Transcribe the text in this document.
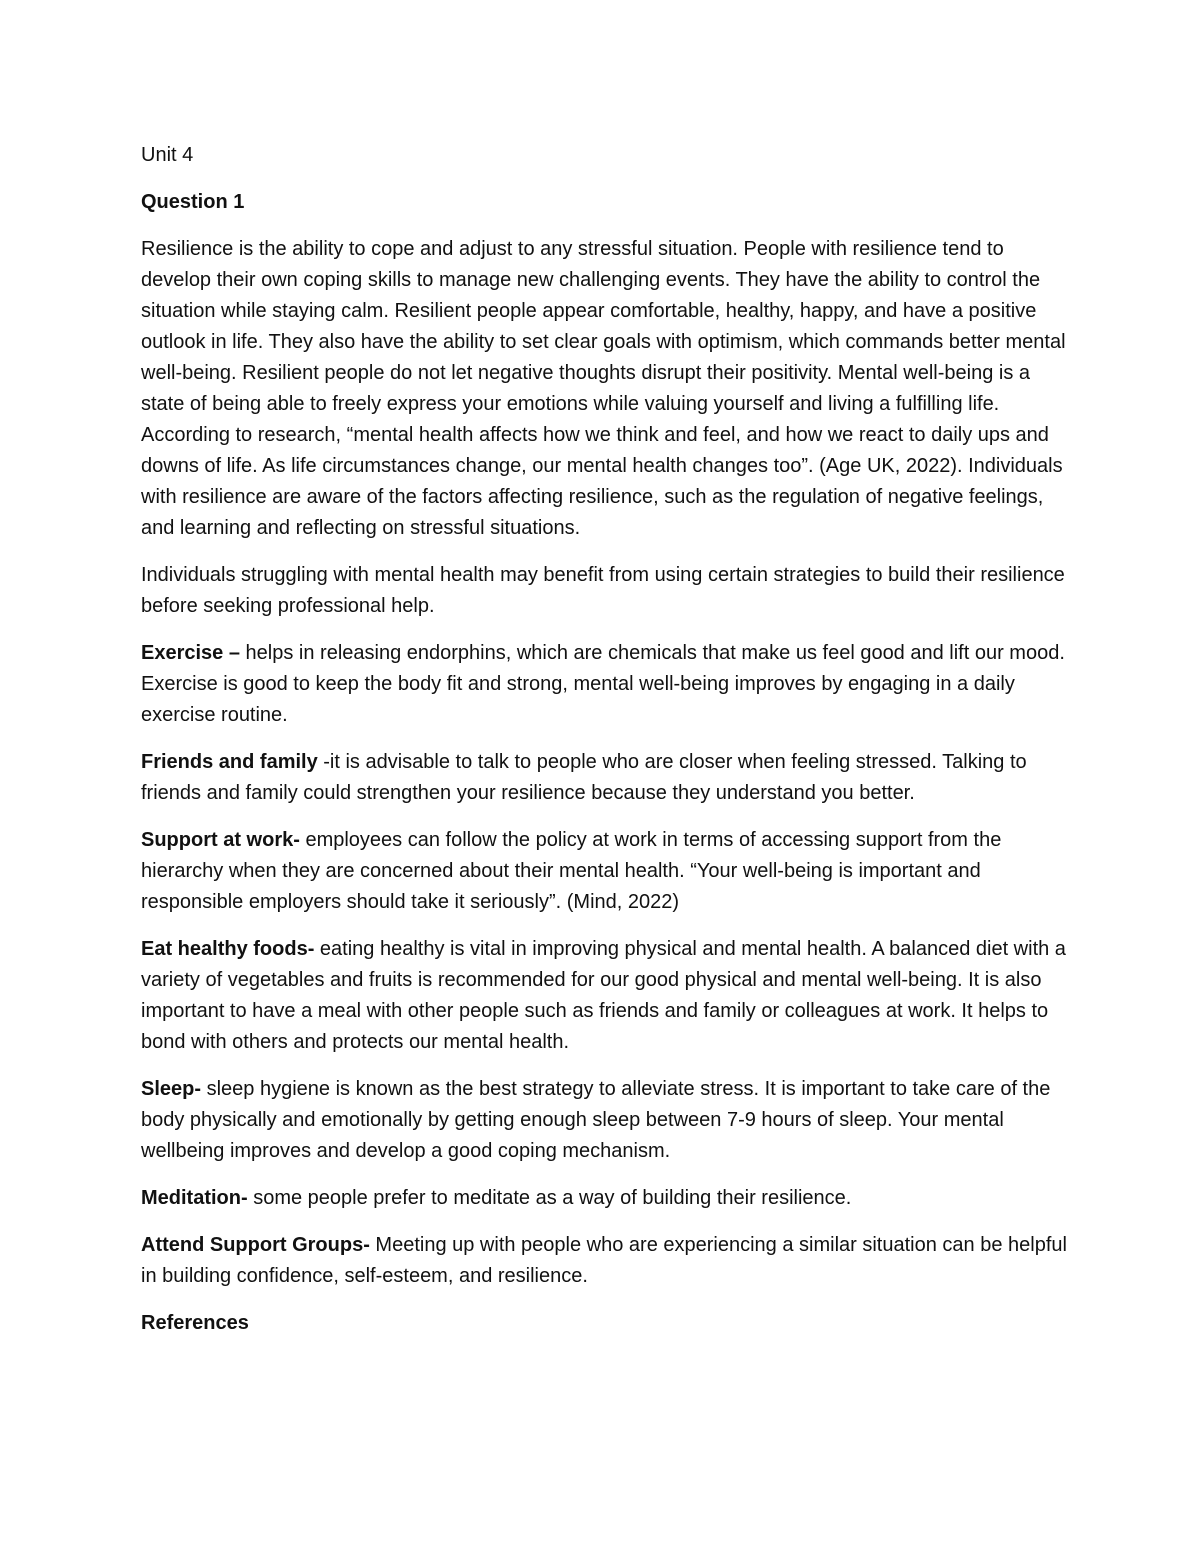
Unit 4

Question 1

Resilience is the ability to cope and adjust to any stressful situation. People with resilience tend to develop their own coping skills to manage new challenging events. They have the ability to control the situation while staying calm. Resilient people appear comfortable, healthy, happy, and have a positive outlook in life. They also have the ability to set clear goals with optimism, which commands better mental well-being. Resilient people do not let negative thoughts disrupt their positivity. Mental well-being is a state of being able to freely express your emotions while valuing yourself and living a fulfilling life. According to research, “mental health affects how we think and feel, and how we react to daily ups and downs of life. As life circumstances change, our mental health changes too”. (Age UK, 2022). Individuals with resilience are aware of the factors affecting resilience, such as the regulation of negative feelings, and learning and reflecting on stressful situations.

Individuals struggling with mental health may benefit from using certain strategies to build their resilience before seeking professional help.

Exercise – helps in releasing endorphins, which are chemicals that make us feel good and lift our mood. Exercise is good to keep the body fit and strong, mental well-being improves by engaging in a daily exercise routine.

Friends and family -it is advisable to talk to people who are closer when feeling stressed. Talking to friends and family could strengthen your resilience because they understand you better.

Support at work- employees can follow the policy at work in terms of accessing support from the hierarchy when they are concerned about their mental health. “Your well-being is important and responsible employers should take it seriously”. (Mind, 2022)

Eat healthy foods- eating healthy is vital in improving physical and mental health. A balanced diet with a variety of vegetables and fruits is recommended for our good physical and mental well-being. It is also important to have a meal with other people such as friends and family or colleagues at work. It helps to bond with others and protects our mental health.

Sleep- sleep hygiene is known as the best strategy to alleviate stress. It is important to take care of the body physically and emotionally by getting enough sleep between 7-9 hours of sleep. Your mental wellbeing improves and develop a good coping mechanism.

Meditation- some people prefer to meditate as a way of building their resilience.

Attend Support Groups- Meeting up with people who are experiencing a similar situation can be helpful in building confidence, self-esteem, and resilience.

References
